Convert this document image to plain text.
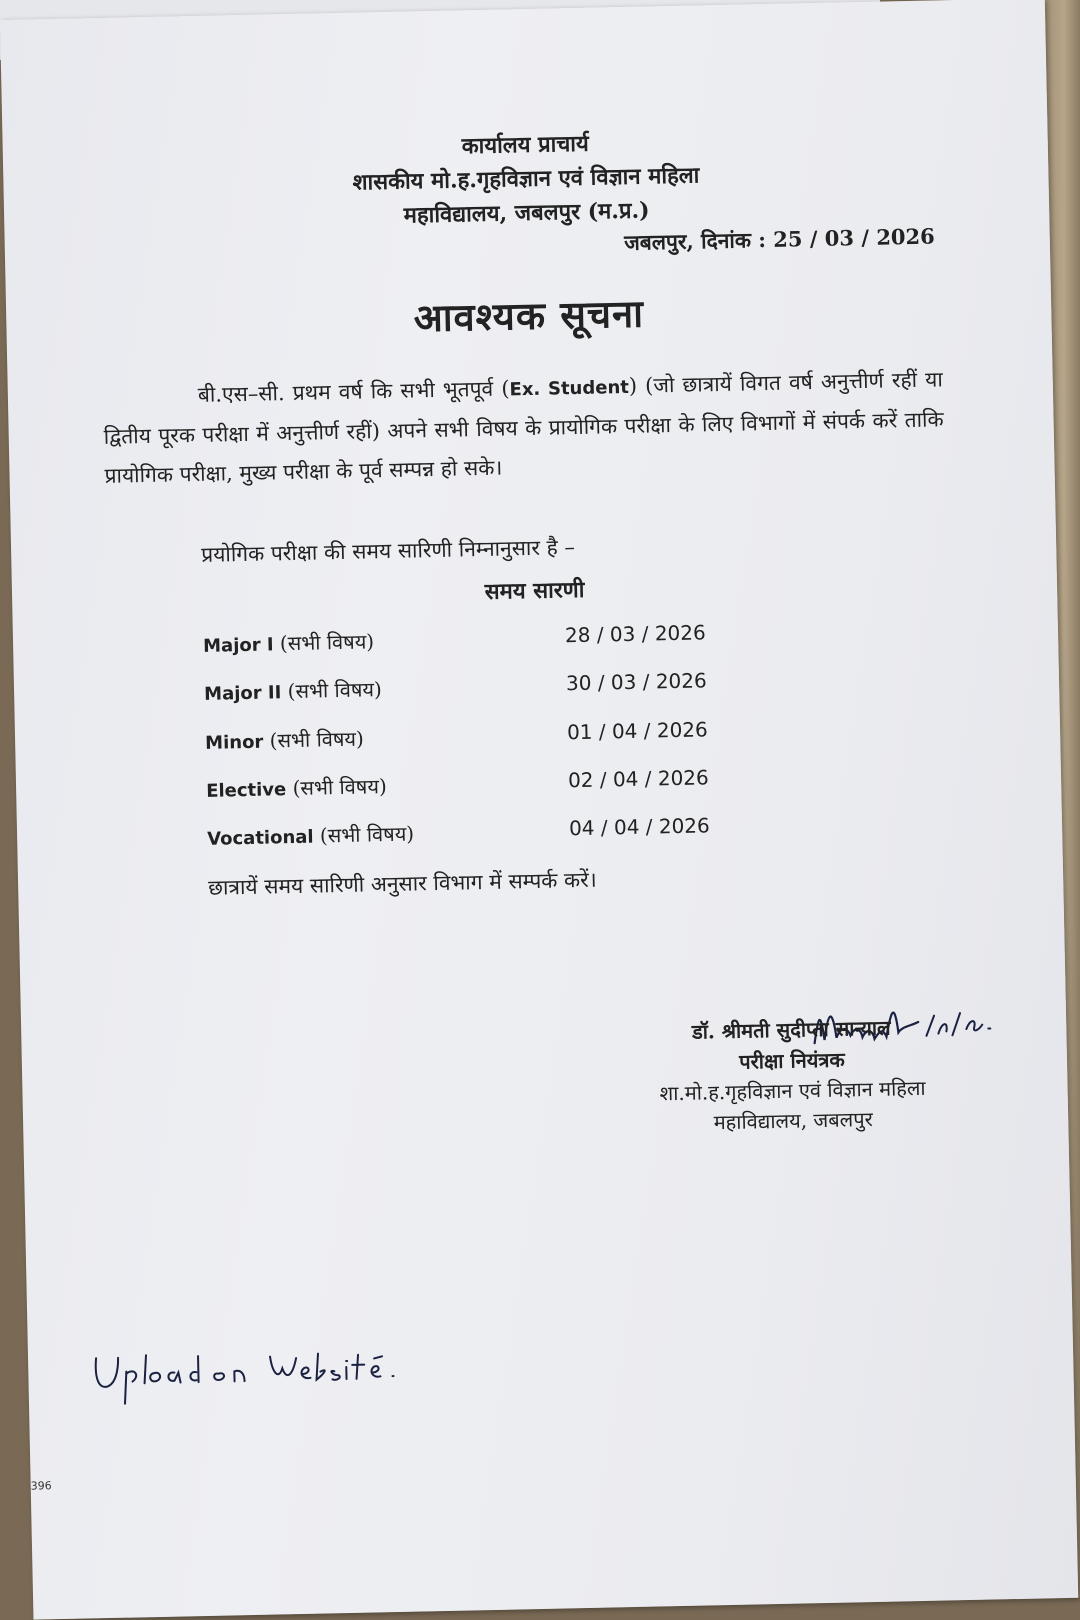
कार्यालय प्राचार्य
शासकीय मो.ह.गृहविज्ञान एवं विज्ञान महिला
महाविद्यालय, जबलपुर (म.प्र.)
जबलपुर, दिनांक : 25 / 03 / 2026
आवश्यक सूचना
बी.एस–सी. प्रथम वर्ष कि सभी भूतपूर्व (Ex. Student) (जो छात्रायें विगत वर्ष अनुत्तीर्ण रहीं या द्वितीय पूरक परीक्षा में अनुत्तीर्ण रहीं) अपने सभी विषय के प्रायोगिक परीक्षा के लिए विभागों में संपर्क करें ताकि प्रायोगिक परीक्षा, मुख्य परीक्षा के पूर्व सम्पन्न हो सके।
प्रयोगिक परीक्षा की समय सारिणी निम्नानुसार है –
समय सारणी
Major I (सभी विषय)	28 / 03 / 2026
Major II (सभी विषय)	30 / 03 / 2026
Minor (सभी विषय)	01 / 04 / 2026
Elective (सभी विषय)	02 / 04 / 2026
Vocational (सभी विषय)	04 / 04 / 2026
छात्रायें समय सारिणी अनुसार विभाग में सम्पर्क करें।
डॉ. श्रीमती सुदीप्ता सान्याल
परीक्षा नियंत्रक
शा.मो.ह.गृहविज्ञान एवं विज्ञान महिला
महाविद्यालय, जबलपुर
396
